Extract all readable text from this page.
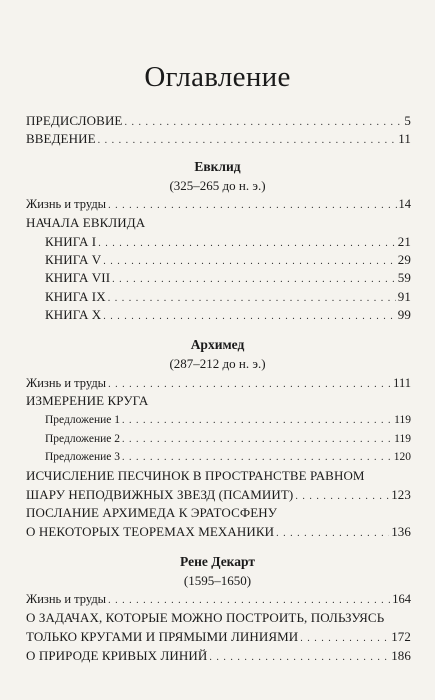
Оглавление
ПРЕДИСЛОВИЕ . . .	5
ВВЕДЕНИЕ . . .	11
Евклид
(325–265 до н. э.)
Жизнь и труды . . .	14
НАЧАЛА ЕВКЛИДА
КНИГА I . . .	21
КНИГА V . . .	29
КНИГА VII . . .	59
КНИГА IX . . .	91
КНИГА X . . .	99
Архимед
(287–212 до н. э.)
Жизнь и труды . . .	111
ИЗМЕРЕНИЕ КРУГА
Предложение 1 . . .	119
Предложение 2 . . .	119
Предложение 3 . . .	120
ИСЧИСЛЕНИЕ ПЕСЧИНОК В ПРОСТРАНСТВЕ РАВНОМ
ШАРУ НЕПОДВИЖНЫХ ЗВЕЗД (ПСАМИИТ) . . .	123
ПОСЛАНИЕ АРХИМЕДА К ЭРАТОСФЕНУ
О НЕКОТОРЫХ ТЕОРЕМАХ МЕХАНИКИ . . .	136
Рене Декарт
(1595–1650)
Жизнь и труды . . .	164
О ЗАДАЧАХ, КОТОРЫЕ МОЖНО ПОСТРОИТЬ, ПОЛЬЗУЯСЬ
ТОЛЬКО КРУГАМИ И ПРЯМЫМИ ЛИНИЯМИ . . .	172
О ПРИРОДЕ КРИВЫХ ЛИНИЙ . . .	186
